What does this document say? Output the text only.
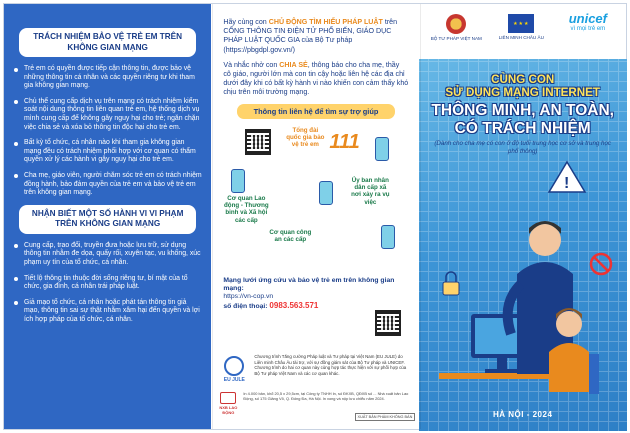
TRÁCH NHIỆM BẢO VỆ TRẺ EM TRÊN KHÔNG GIAN MẠNG
Trẻ em có quyền được tiếp cận thông tin, được bảo vệ những thông tin cá nhân và các quyền riêng tư khi tham gia không gian mạng.
Chủ thể cung cấp dịch vụ trên mạng có trách nhiệm kiểm soát nội dung thông tin liên quan trẻ em, hệ thống dịch vụ mình cung cấp để không gây nguy hại cho trẻ; ngăn chặn việc chia sẻ và xóa bỏ thông tin độc hại cho trẻ em.
Bất kỳ tổ chức, cá nhân nào khi tham gia không gian mạng đều có trách nhiệm phối hợp với cơ quan có thẩm quyền xử lý các hành vi gây nguy hại cho trẻ em.
Cha mẹ, giáo viên, người chăm sóc trẻ em có trách nhiệm đồng hành, bảo đảm quyền của trẻ em và bảo vệ trẻ em trên không gian mạng.
NHẬN BIẾT MỘT SỐ HÀNH VI VI PHẠM TRÊN KHÔNG GIAN MẠNG
Cung cấp, trao đổi, truyền đưa hoặc lưu trữ, sử dụng thông tin nhằm đe dọa, quấy rối, xuyên tạc, vu khống, xúc phạm uy tín của tổ chức, cá nhân.
Tiết lộ thông tin thuộc đời sống riêng tư, bí mật của tổ chức, gia đình, cá nhân trái pháp luật.
Giả mạo tổ chức, cá nhân hoặc phát tán thông tin giả mạo, thông tin sai sự thật nhằm xâm hại đến quyền và lợi ích hợp pháp của tổ chức, cá nhân.

Hãy cùng con CHỦ ĐỘNG TÌM HIỂU PHÁP LUẬT trên CỔNG THÔNG TIN ĐIỆN TỬ PHỔ BIẾN, GIÁO DỤC PHÁP LUẬT QUỐC GIA của Bộ Tư pháp (https://pbgdpl.gov.vn/)

Và nhắc nhở con CHIA SẺ, thông báo cho cha mẹ, thầy cô giáo, người lớn mà con tin cậy hoặc liên hệ các địa chỉ dưới đây khi có bất kỳ hành vi nào khiến con cảm thấy khó chịu trên môi trường mạng.

Thông tin liên hệ để tìm sự trợ giúp
Tổng đài quốc gia bảo vệ trẻ em 111
Cơ quan Lao động - Thương binh và Xã hội các cấp
Ủy ban nhân dân cấp xã nơi xảy ra vụ việc
Cơ quan công an các cấp
Mạng lưới ứng cứu và bảo vệ trẻ em trên không gian mạng:
https://vn-cop.vn
số điện thoại: 0983.563.571
EU JULE
Chương trình Tăng cường Pháp luật và Tư pháp tại Việt Nam (EU JULE) do Liên minh Châu Âu tài trợ, với sự đồng giám sát của Bộ Tư pháp và UNICEF. Chương trình do hai cơ quan này cùng hợp tác thực hiện với sự phối hợp của Bộ Tư pháp Việt Nam và các cơ quan khác.
NXB LAO ĐỘNG
In 4.000 bản, khổ 20,5 x 29,5cm, tại Công ty TNHH In, số ĐKXB, QĐXB số ... Nhà xuất bản Lao Động, số 175 Giảng Võ, Q. Đống Đa, Hà Nội. In xong và nộp lưu chiểu năm 2024.
XUẤT BẢN PHẨM KHÔNG BÁN
BỘ TƯ PHÁP VIỆT NAM
★★★	LIÊN MINH CHÂU ÂU
unicef
vì mọi trẻ em
CÙNG CON
SỬ DỤNG MẠNG INTERNET
THÔNG MINH, AN TOÀN,
CÓ TRÁCH NHIỆM
(Dành cho cha mẹ có con ở độ tuổi trung học cơ sở và trung học phổ thông)
!
HÀ NỘI - 2024
